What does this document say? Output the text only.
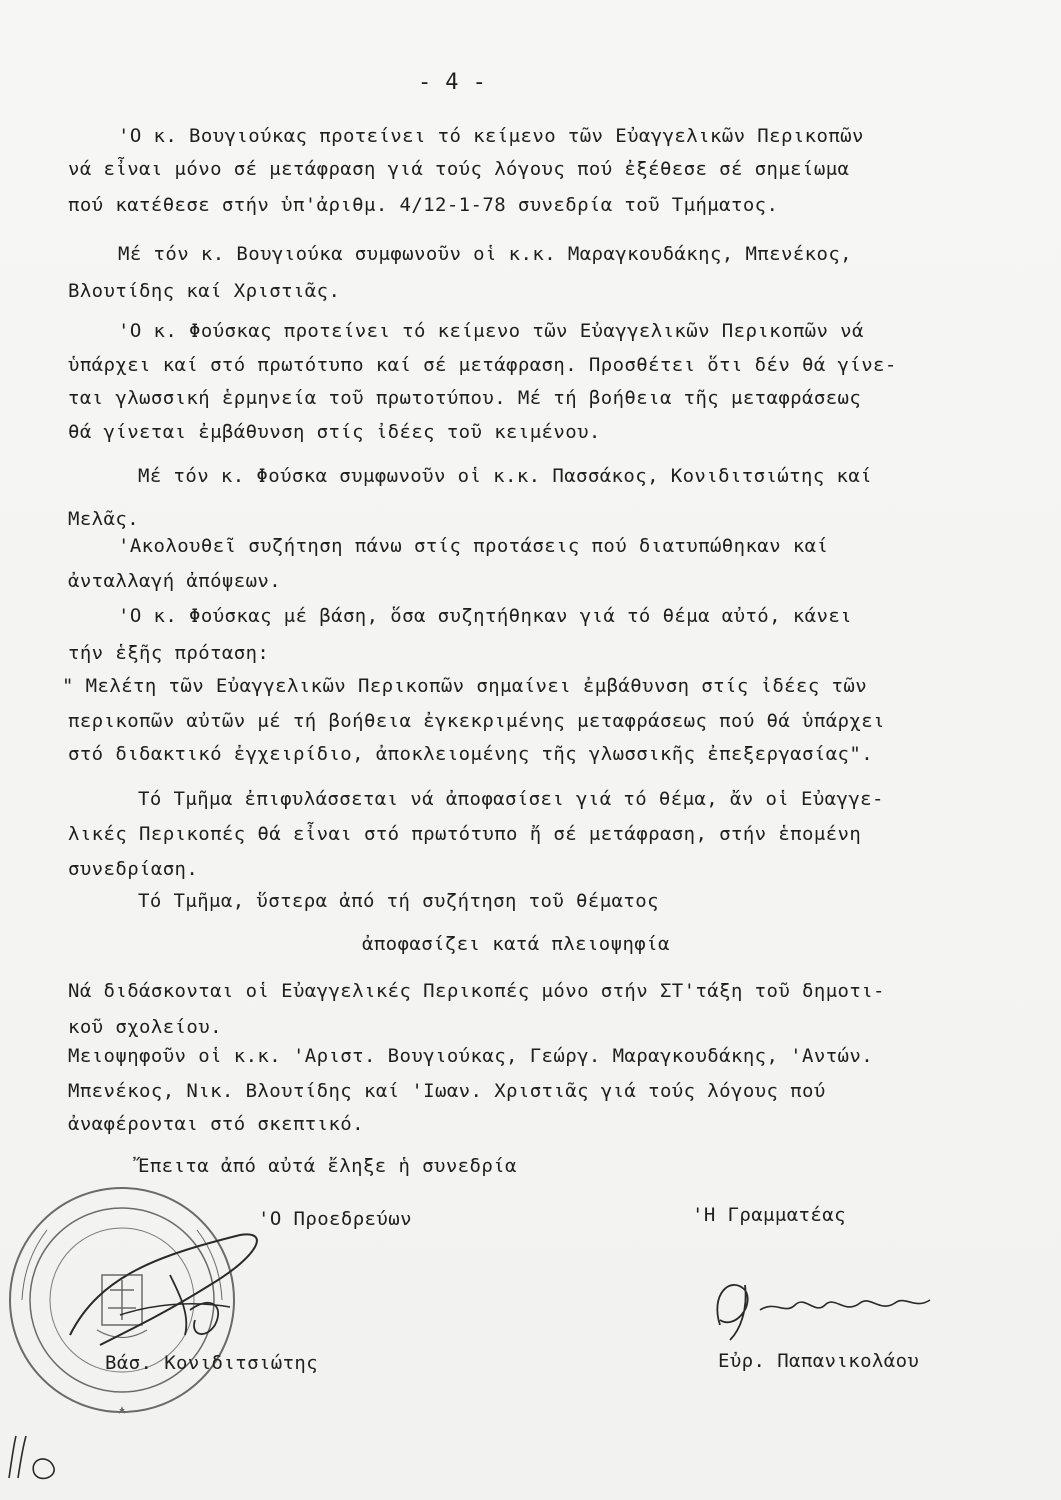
- 4 -
'Ο κ. Βουγιούκας προτείνει τό κείμενο τῶν Εὐαγγελικῶν Περικοπῶν
νά εἶναι μόνο σέ μετάφραση γιά τούς λόγους πού ἐξέθεσε σέ σημείωμα
πού κατέθεσε στήν ὑπ'ἀριθμ. 4/12-1-78 συνεδρία τοῦ Τμήματος.
Μέ τόν κ. Βουγιούκα συμφωνοῦν οἱ κ.κ. Μαραγκουδάκης, Μπενέκος,
Βλουτίδης καί Χριστιᾶς.
'Ο κ. Φούσκας προτείνει τό κείμενο τῶν Εὐαγγελικῶν Περικοπῶν νά
ὑπάρχει καί στό πρωτότυπο καί σέ μετάφραση. Προσθέτει ὅτι δέν θά γίνε-
ται γλωσσική ἑρμηνεία τοῦ πρωτοτύπου. Μέ τή βοήθεια τῆς μεταφράσεως
θά γίνεται ἐμβάθυνση στίς ἰδέες τοῦ κειμένου.
Μέ τόν κ. Φούσκα συμφωνοῦν οἱ κ.κ. Πασσάκος, Κονιδιτσιώτης καί
Μελᾶς.
'Ακολουθεῖ συζήτηση πάνω στίς προτάσεις πού διατυπώθηκαν καί
ἀνταλλαγή ἀπόψεων.
'Ο κ. Φούσκας μέ βάση, ὅσα συζητήθηκαν γιά τό θέμα αὐτό, κάνει
τήν ἑξῆς πρόταση:
" Μελέτη τῶν Εὐαγγελικῶν Περικοπῶν σημαίνει ἐμβάθυνση στίς ἰδέες τῶν
περικοπῶν αὐτῶν μέ τή βοήθεια ἐγκεκριμένης μεταφράσεως πού θά ὑπάρχει
στό διδακτικό ἐγχειρίδιο, ἀποκλειομένης τῆς γλωσσικῆς ἐπεξεργασίας".
Τό Τμῆμα ἐπιφυλάσσεται νά ἀποφασίσει γιά τό θέμα, ἄν οἱ Εὐαγγε-
λικές Περικοπές θά εἶναι στό πρωτότυπο ἤ σέ μετάφραση, στήν ἑπομένη
συνεδρίαση.
Τό Τμῆμα, ὕστερα ἀπό τή συζήτηση τοῦ θέματος
ἀποφασίζει κατά πλειοψηφία
Νά διδάσκονται οἱ Εὐαγγελικές Περικοπές μόνο στήν ΣΤ'τάξη τοῦ δημοτι-
κοῦ σχολείου.
Μειοψηφοῦν οἱ κ.κ. 'Αριστ. Βουγιούκας, Γεώργ. Μαραγκουδάκης, 'Αντών.
Μπενέκος, Νικ. Βλουτίδης καί 'Ιωαν. Χριστιᾶς γιά τούς λόγους πού
ἀναφέρονται στό σκεπτικό.
Ἔπειτα ἀπό αὐτά ἔληξε ἡ συνεδρία
'Ο Προεδρεύων	'Η Γραμματέας
Βάσ. Κονιδιτσιώτης	Εὐρ. Παπανικολάου
